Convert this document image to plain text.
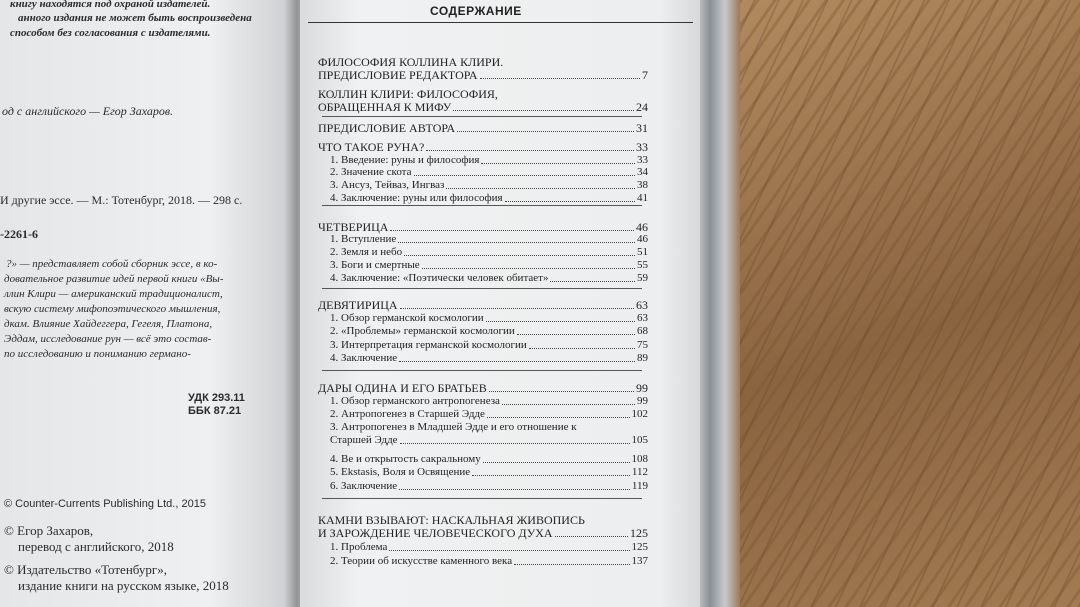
книгу находятся под охраной издателей.
анного издания не может быть воспроизведена
способом без согласования с издателями.
од с английского — Егор Захаров.
И другие эссе. — М.: Тотенбург, 2018. — 298 с.
-2261-6
?» — представляет собой сборник эссе, в ко-
довательное развитие идей первой книги «Вы-
ллин Клири — американский традиционалист,
вскую систему мифопоэтического мышления,
дкам. Влияние Хайдеггера, Гегеля, Платона,
Эддам, исследование рун — всё это состав-
по исследованию и пониманию германо-
УДК 293.11
ББК 87.21
© Counter-Currents Publishing Ltd., 2015
© Егор Захаров,
перевод с английского, 2018
© Издательство «Тотенбург»,
издание книги на русском языке, 2018
СОДЕРЖАНИЕ
ФИЛОСОФИЯ КОЛЛИНА КЛИРИ.
ПРЕДИСЛОВИЕ РЕДАКТОРА	7
КОЛЛИН КЛИРИ: ФИЛОСОФИЯ,
ОБРАЩЕННАЯ К МИФУ	24
ПРЕДИСЛОВИЕ АВТОРА	31
ЧТО ТАКОЕ РУНА?	33
1. Введение: руны и философия	33
2. Значение скота	34
3. Ансуз, Тейваз, Ингваз	38
4. Заключение: руны или философия	41
ЧЕТВЕРИЦА	46
1. Вступление	46
2. Земля и небо	51
3. Боги и смертные	55
4. Заключение: «Поэтически человек обитает»	59
ДЕВЯТИРИЦА	63
1. Обзор германской космологии	63
2. «Проблемы» германской космологии	68
3. Интерпретация германской космологии	75
4. Заключение	89
ДАРЫ ОДИНА И ЕГО БРАТЬЕВ	99
1. Обзор германского антропогенеза	99
2. Антропогенез в Старшей Эдде	102
3. Антропогенез в Младшей Эдде и его отношение к
Старшей Эдде	105
4. Ве и открытость сакральному	108
5. Ekstasis, Воля и Освящение	112
6. Заключение	119
КАМНИ ВЗЫВАЮТ: НАСКАЛЬНАЯ ЖИВОПИСЬ
И ЗАРОЖДЕНИЕ ЧЕЛОВЕЧЕСКОГО ДУХА	125
1. Проблема	125
2. Теории об искусстве каменного века	137
